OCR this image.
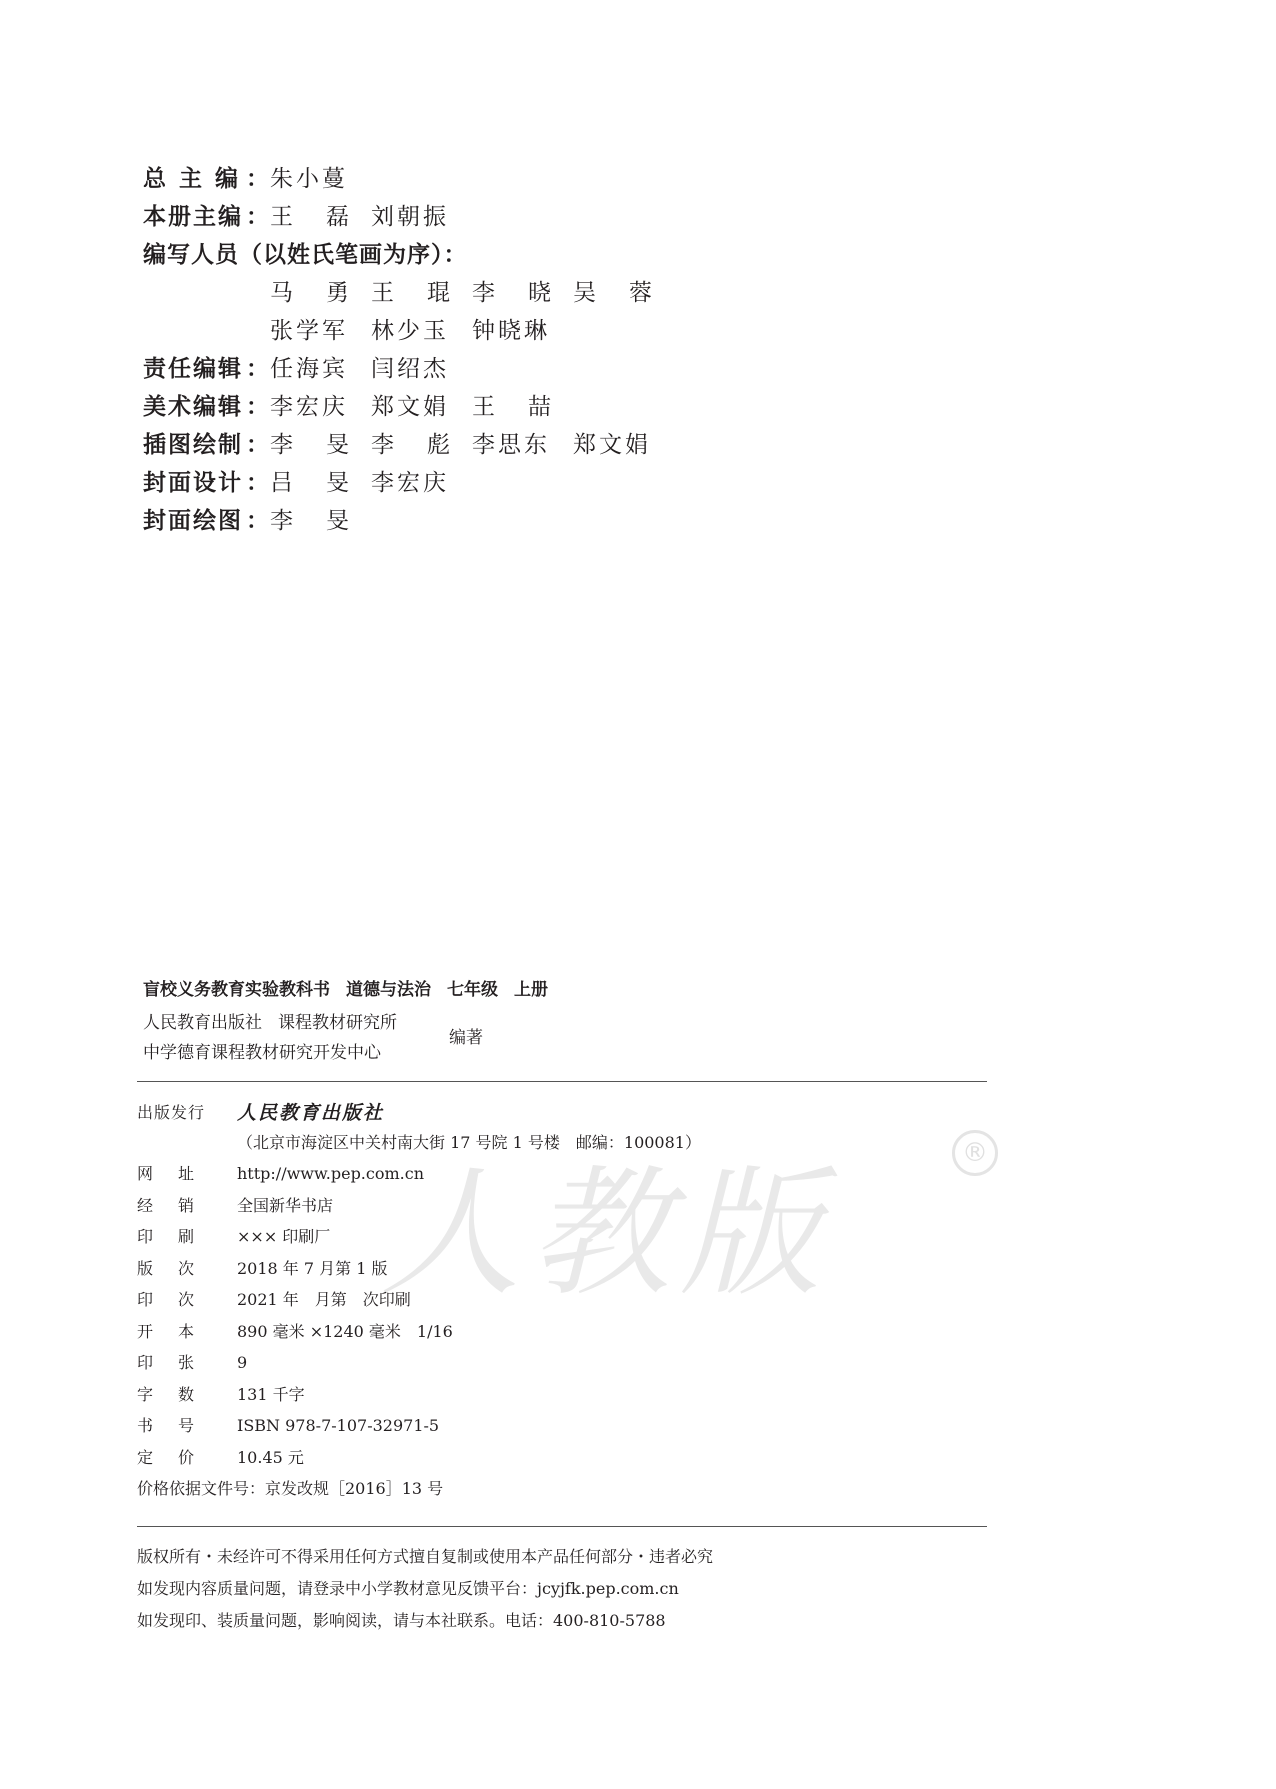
总主编
： 朱小蔓
本册主编 ： 王磊
刘朝振
编写人员（以姓氏笔画为序）：
马勇
王琨
李晓
吴蓉
张学军 林少玉 钟晓琳
责任编辑 ： 任海宾 闫绍杰
美术编辑 ： 李宏庆 郑文娟 王喆
插图绘制 ： 李旻
李彪
李思东 郑文娟
封面设计 ： 吕旻
李宏庆
封面绘图 ： 李旻
人教版	®
盲校义务教育实验教科书 道德与法治 七年级 上册
人民教育出版社 课程教材研究所
中学德育课程教材研究开发中心
编著
出版发行 人民教育出版社
（北京市海淀区中关村南大街 17 号院 1 号楼　邮编：100081）
网址 http://www.pep.com.cn
经销 全国新华书店
印刷 ××× 印刷厂
版次 2018 年 7 月第 1 版
印次 2021 年　月第　次印刷
开本 890 毫米 ×1240 毫米　1/16
印张 9
字数 131 千字
书号 ISBN 978-7-107-32971-5
定价 10.45 元
价格依据文件号：京发改规［2016］13 号
版权所有・未经许可不得采用任何方式擅自复制或使用本产品任何部分・违者必究
如发现内容质量问题，请登录中小学教材意见反馈平台：jcyjfk.pep.com.cn
如发现印、装质量问题，影响阅读，请与本社联系。电话：400-810-5788
